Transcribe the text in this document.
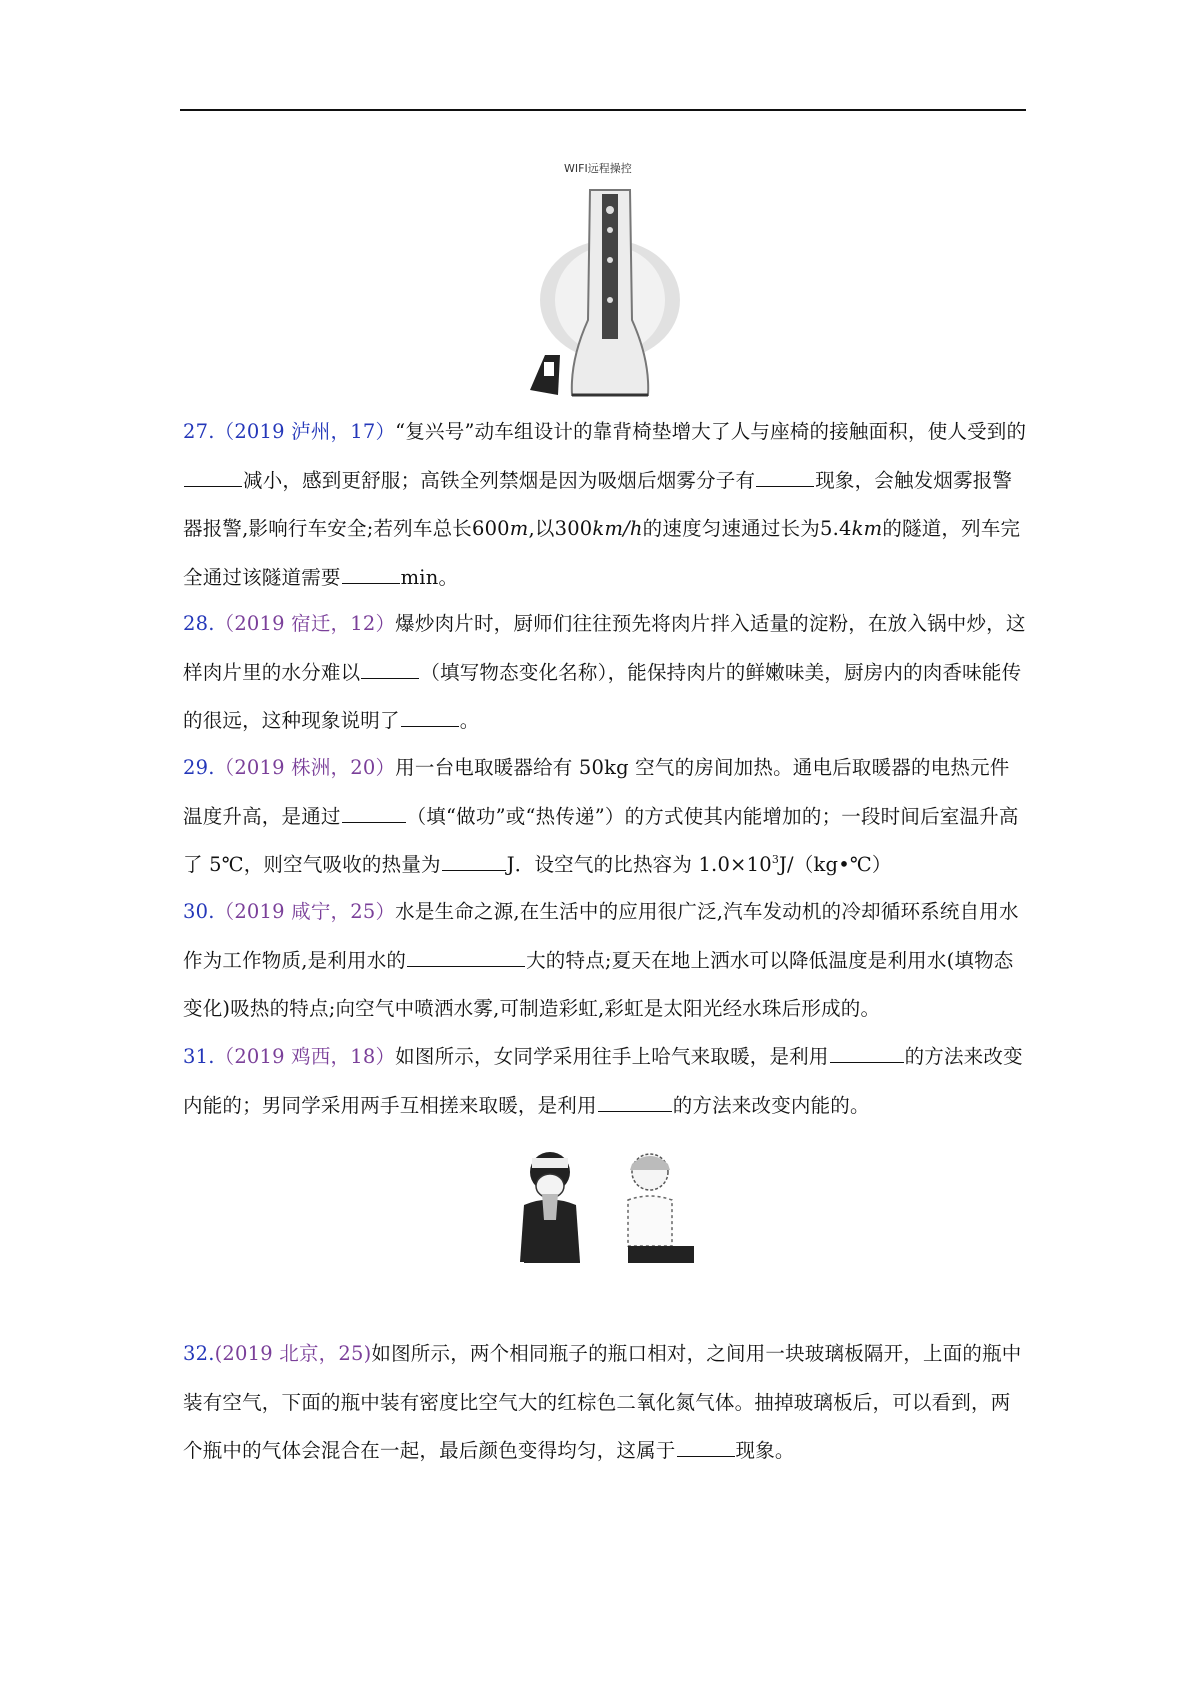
WIFI远程操控
27.（2019 泸州，17）“复兴号”动车组设计的靠背椅垫增大了人与座椅的接触面积，使人受到的减小，感到更舒服；高铁全列禁烟是因为吸烟后烟雾分子有	现象，会触发烟雾报警器报警,影响行车安全;若列车总长600m,以300km/h的速度匀速通过长为5.4km的隧道，列车完全通过该隧道需要	min。
28.（2019 宿迁，12）爆炒肉片时，厨师们往往预先将肉片拌入适量的淀粉，在放入锅中炒，这样肉片里的水分难以	（填写物态变化名称），能保持肉片的鲜嫩味美，厨房内的肉香味能传的很远，这种现象说明了	。
29.（2019 株洲，20）用一台电取暖器给有 50kg 空气的房间加热。通电后取暖器的电热元件温度升高，是通过	（填“做功”或“热传递”）的方式使其内能增加的；一段时间后室温升高了 5℃，则空气吸收的热量为	J．设空气的比热容为 $1.0\times 10^3J/(kg•℃)$
30.（2019 咸宁，25）水是生命之源,在生活中的应用很广泛,汽车发动机的冷却循环系统自用水作为工作物质,是利用水的	大的特点;夏天在地上洒水可以降低温度是利用水(填物态变化)吸热的特点;向空气中喷洒水雾,可制造彩虹,彩虹是太阳光经水珠后形成的。
31.（2019 鸡西，18）如图所示，女同学采用往手上哈气来取暖，是利用	的方法来改变内能的；男同学采用两手互相搓来取暖，是利用	的方法来改变内能的。
32.(2019 北京，25)如图所示，两个相同瓶子的瓶口相对，之间用一块玻璃板隔开，上面的瓶中装有空气，下面的瓶中装有密度比空气大的红棕色二氧化氮气体。抽掉玻璃板后，可以看到，两个瓶中的气体会混合在一起，最后颜色变得均匀，这属于	现象。
